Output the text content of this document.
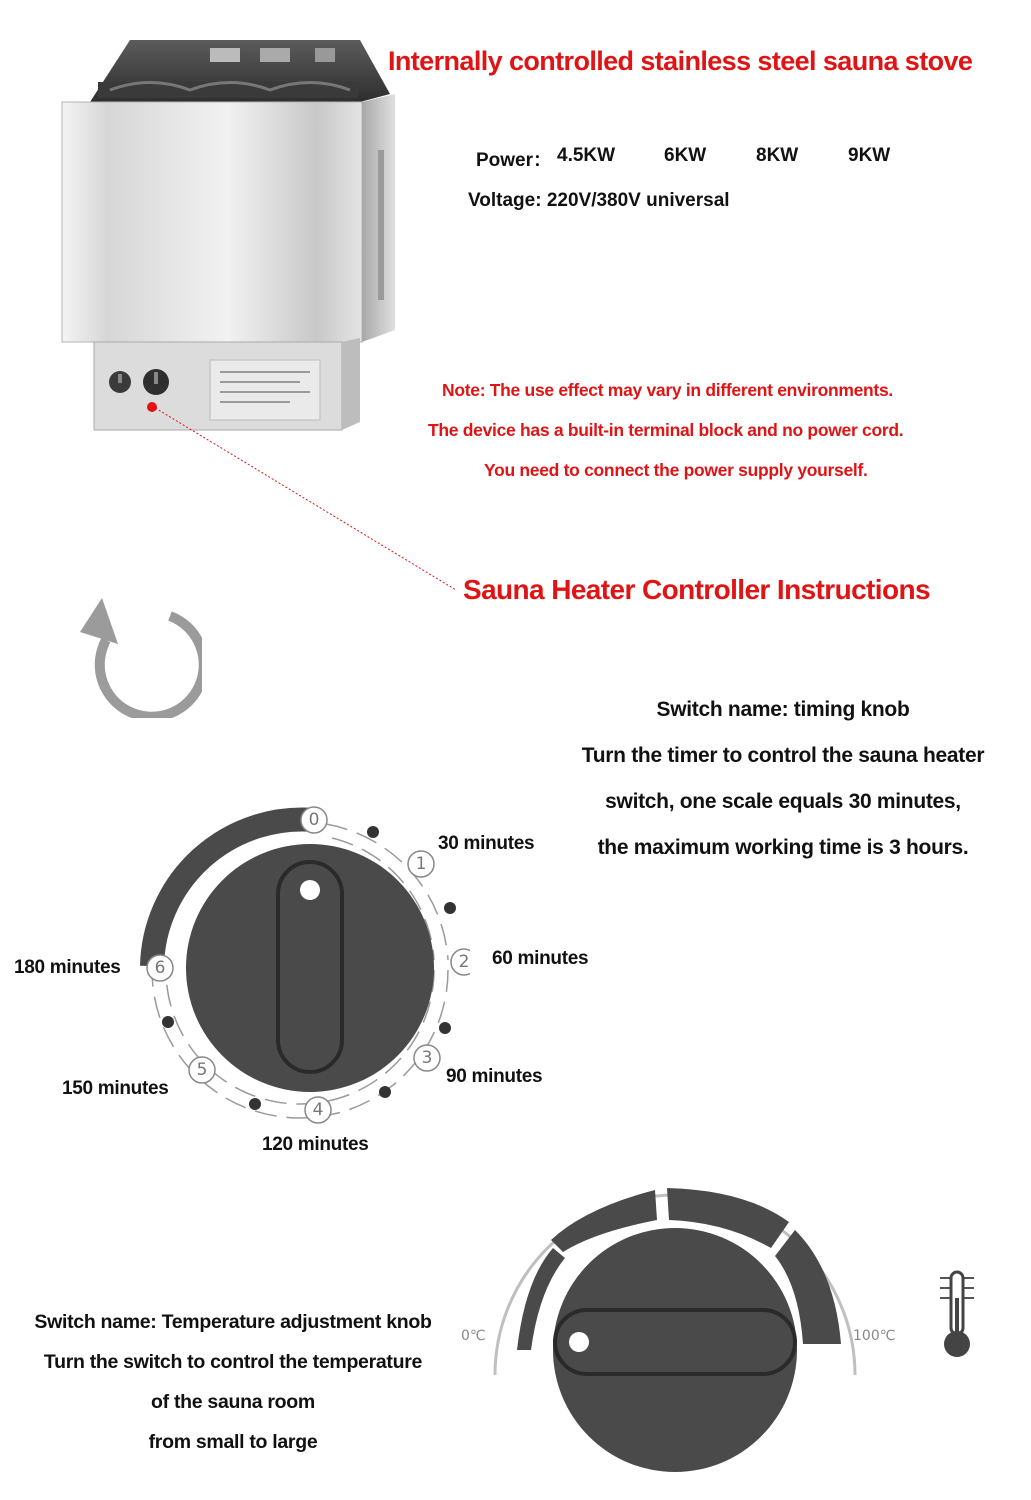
Internally controlled stainless steel sauna stove
Power： 4.5KW	6KW	8KW	9KW
Voltage: 220V/380V universal
Note: The use effect may vary in different environments.
The device has a built-in terminal block and no power cord.
You need to connect the power supply yourself.
Sauna Heater Controller Instructions
Switch name: timing knob
Turn the timer to control the sauna heater
switch, one scale equals 30 minutes,
the maximum working time is 3 hours.
0
1
2
3
4
5
6
30 minutes
60 minutes
90 minutes
120 minutes
150 minutes
180 minutes
0℃	100℃
Switch name: Temperature adjustment knob
Turn the switch to control the temperature
of the sauna room
from small to large
